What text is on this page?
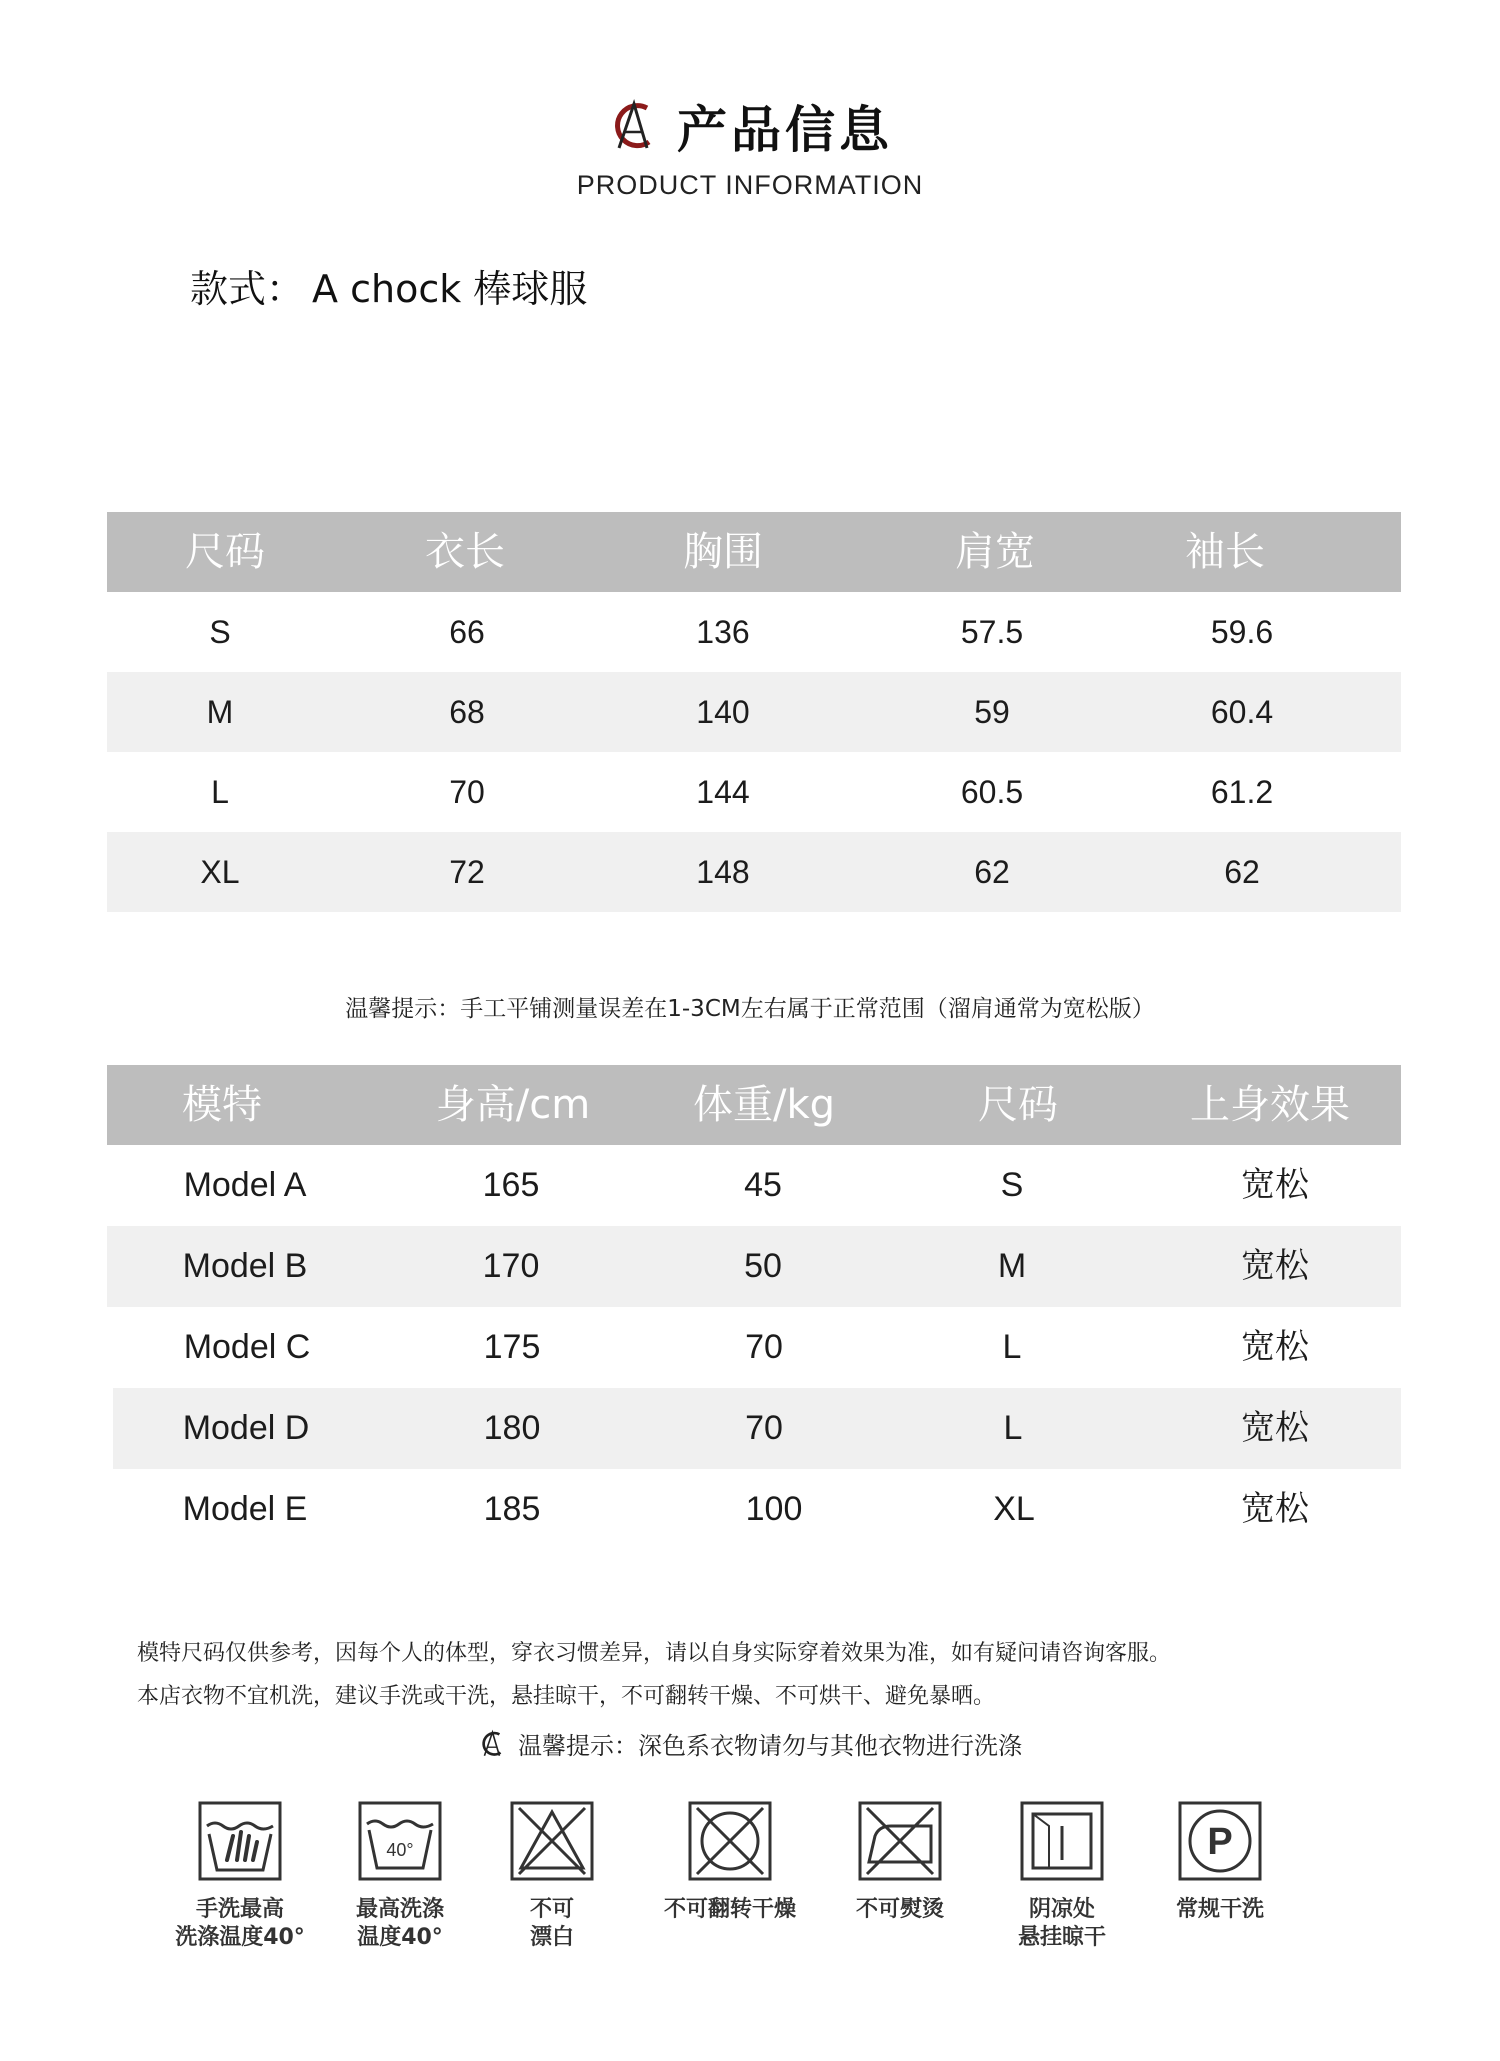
产品信息
PRODUCT INFORMATION
款式： A chock 棒球服
尺码	衣长	胸围	肩宽	袖长
S	66	136	57.5	59.6
M	68	140	59	60.4
L	70	144	60.5	61.2
XL	72	148	62	62
温馨提示：手工平铺测量误差在1-3CM左右属于正常范围（溜肩通常为宽松版）
模特	身高/cm	体重/kg	尺码	上身效果
Model A	165	45	S	宽松
Model B	170	50	M	宽松
Model C	175	70	L	宽松
Model D	180	70	L	宽松
Model E	185	100	XL	宽松
模特尺码仅供参考，因每个人的体型，穿衣习惯差异，请以自身实际穿着效果为准，如有疑问请咨询客服。
本店衣物不宜机洗，建议手洗或干洗，悬挂晾干，不可翻转干燥、不可烘干、避免暴晒。
温馨提示：深色系衣物请勿与其他衣物进行洗涤
手洗最高
洗涤温度40°
40°
最高洗涤
温度40°
不可
漂白
不可翻转干燥	不可熨烫	阴凉处
悬挂晾干
P
常规干洗
